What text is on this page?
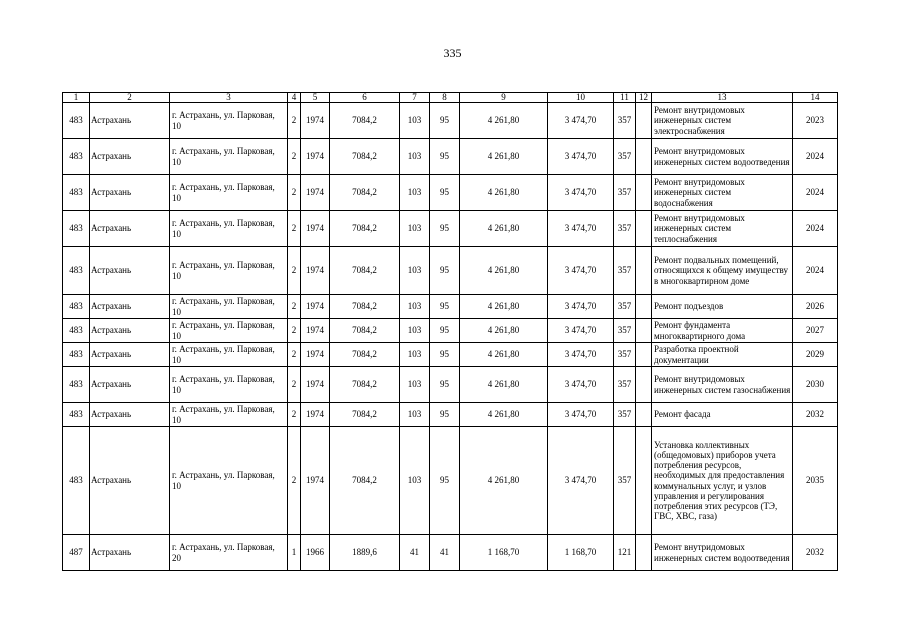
335
1	2	3	4	5	6	7	8	9	10	11	12	13	14
483	Астрахань	г. Астрахань, ул. Парковая, 10	2	1974	7084,2	103	95	4 261,80	3 474,70	357		Ремонт внутридомовых инженерных систем электроснабжения	2023
483	Астрахань	г. Астрахань, ул. Парковая, 10	2	1974	7084,2	103	95	4 261,80	3 474,70	357		Ремонт внутридомовых инженерных систем водоотведения	2024
483	Астрахань	г. Астрахань, ул. Парковая, 10	2	1974	7084,2	103	95	4 261,80	3 474,70	357		Ремонт внутридомовых инженерных систем водоснабжения	2024
483	Астрахань	г. Астрахань, ул. Парковая, 10	2	1974	7084,2	103	95	4 261,80	3 474,70	357		Ремонт внутридомовых инженерных систем теплоснабжения	2024
483	Астрахань	г. Астрахань, ул. Парковая, 10	2	1974	7084,2	103	95	4 261,80	3 474,70	357		Ремонт подвальных помещений, относящихся к общему имуществу в многоквартирном доме	2024
483	Астрахань	г. Астрахань, ул. Парковая, 10	2	1974	7084,2	103	95	4 261,80	3 474,70	357		Ремонт подъездов	2026
483	Астрахань	г. Астрахань, ул. Парковая, 10	2	1974	7084,2	103	95	4 261,80	3 474,70	357		Ремонт фундамента многоквартирного дома	2027
483	Астрахань	г. Астрахань, ул. Парковая, 10	2	1974	7084,2	103	95	4 261,80	3 474,70	357		Разработка проектной документации	2029
483	Астрахань	г. Астрахань, ул. Парковая, 10	2	1974	7084,2	103	95	4 261,80	3 474,70	357		Ремонт внутридомовых инженерных систем газоснабжения	2030
483	Астрахань	г. Астрахань, ул. Парковая, 10	2	1974	7084,2	103	95	4 261,80	3 474,70	357		Ремонт фасада	2032
483	Астрахань	г. Астрахань, ул. Парковая, 10	2	1974	7084,2	103	95	4 261,80	3 474,70	357		Установка коллективных (общедомовых) приборов учета потребления ресурсов, необходимых для предоставления коммунальных услуг, и узлов управления и регулирования потребления этих ресурсов (ТЭ, ГВС, ХВС, газа)	2035
487	Астрахань	г. Астрахань, ул. Парковая, 20	1	1966	1889,6	41	41	1 168,70	1 168,70	121		Ремонт внутридомовых инженерных систем водоотведения	2032
